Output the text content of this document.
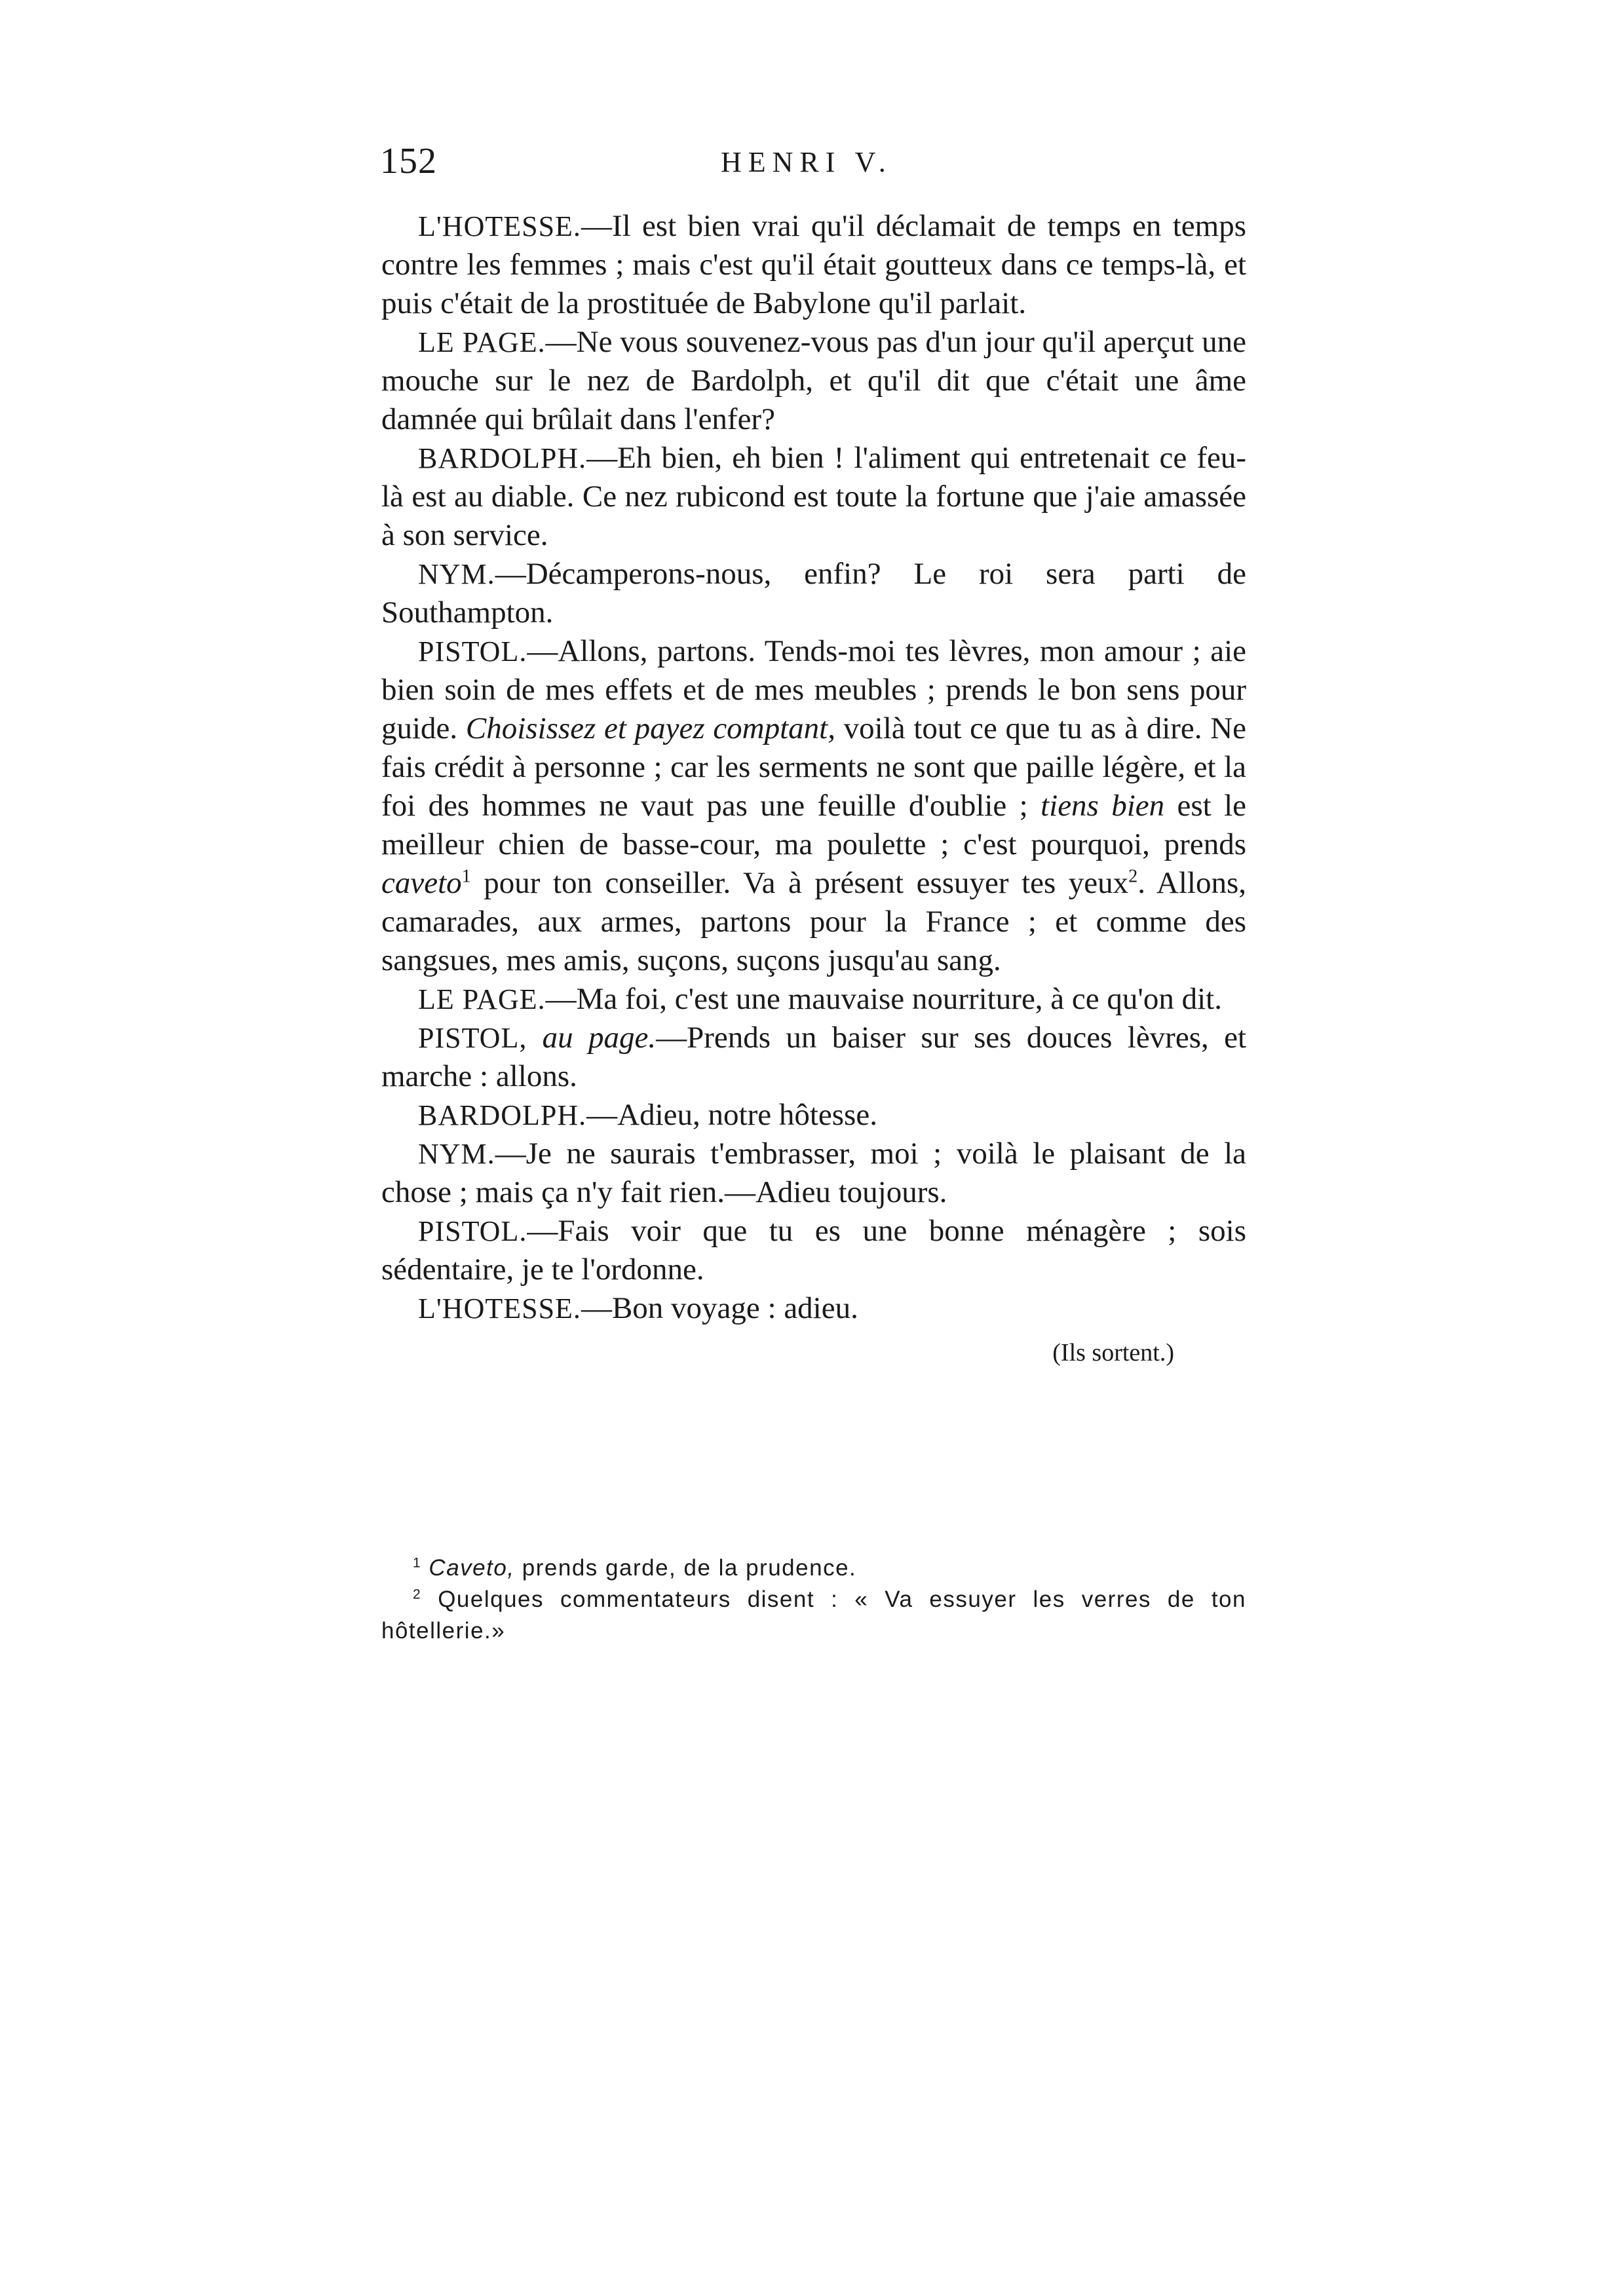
152	HENRI V.

L'HOTESSE.—Il est bien vrai qu'il déclamait de temps en temps contre les femmes ; mais c'est qu'il était goutteux dans ce temps-là, et puis c'était de la prostituée de Babylone qu'il parlait.

LE PAGE.—Ne vous souvenez-vous pas d'un jour qu'il aperçut une mouche sur le nez de Bardolph, et qu'il dit que c'était une âme damnée qui brûlait dans l'enfer?

BARDOLPH.—Eh bien, eh bien ! l'aliment qui entretenait ce feu-là est au diable. Ce nez rubicond est toute la fortune que j'aie amassée à son service.

NYM.—Décamperons-nous, enfin? Le roi sera parti de Southampton.

PISTOL.—Allons, partons. Tends-moi tes lèvres, mon amour ; aie bien soin de mes effets et de mes meubles ; prends le bon sens pour guide. Choisissez et payez comptant, voilà tout ce que tu as à dire. Ne fais crédit à personne ; car les serments ne sont que paille légère, et la foi des hommes ne vaut pas une feuille d'oublie ; tiens bien est le meilleur chien de basse-cour, ma poulette ; c'est pourquoi, prends caveto$^1$ pour ton conseiller. Va à présent essuyer tes yeux$^2$. Allons, camarades, aux armes, partons pour la France ; et comme des sangsues, mes amis, suçons, suçons jusqu'au sang.

LE PAGE.—Ma foi, c'est une mauvaise nourriture, à ce qu'on dit.

PISTOL, au page.—Prends un baiser sur ses douces lèvres, et marche : allons.

BARDOLPH.—Adieu, notre hôtesse.

NYM.—Je ne saurais t'embrasser, moi ; voilà le plaisant de la chose ; mais ça n'y fait rien.—Adieu toujours.

PISTOL.—Fais voir que tu es une bonne ménagère ; sois sédentaire, je te l'ordonne.

L'HOTESSE.—Bon voyage : adieu.

(Ils sortent.)

$^1$ Caveto, prends garde, de la prudence.

$^2$ Quelques commentateurs disent : « Va essuyer les verres de ton hôtellerie.»
